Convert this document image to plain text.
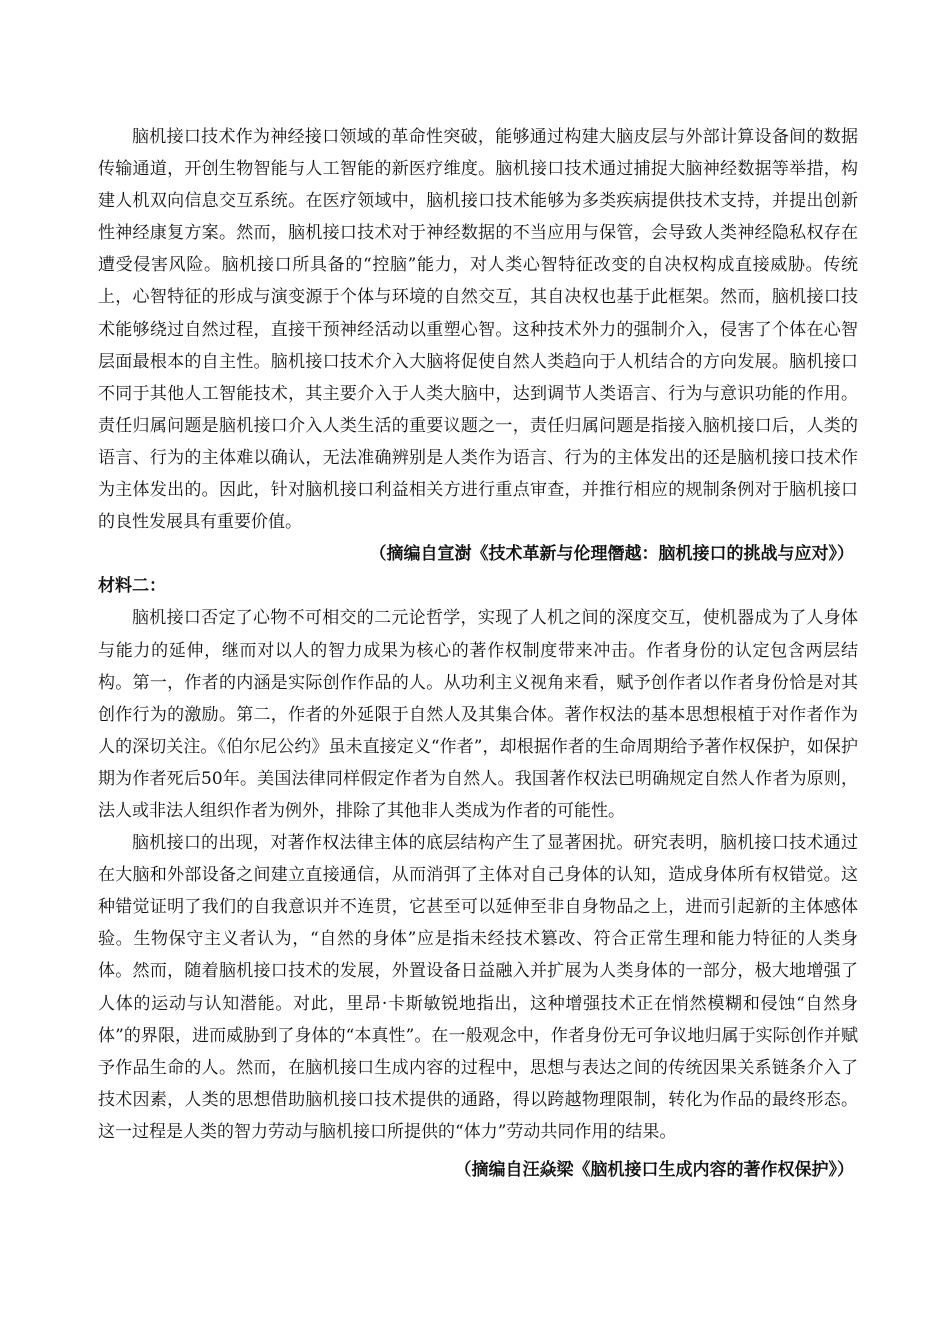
脑机接口技术作为神经接口领域的革命性突破，能够通过构建大脑皮层与外部计算设备间的数据传输通道，开创生物智能与人工智能的新医疗维度。脑机接口技术通过捕捉大脑神经数据等举措，构建人机双向信息交互系统。在医疗领域中，脑机接口技术能够为多类疾病提供技术支持，并提出创新性神经康复方案。然而，脑机接口技术对于神经数据的不当应用与保管，会导致人类神经隐私权存在遭受侵害风险。脑机接口所具备的“控脑”能力，对人类心智特征改变的自决权构成直接威胁。传统上，心智特征的形成与演变源于个体与环境的自然交互，其自决权也基于此框架。然而，脑机接口技术能够绕过自然过程，直接干预神经活动以重塑心智。这种技术外力的强制介入，侵害了个体在心智层面最根本的自主性。脑机接口技术介入大脑将促使自然人类趋向于人机结合的方向发展。脑机接口不同于其他人工智能技术，其主要介入于人类大脑中，达到调节人类语言、行为与意识功能的作用。责任归属问题是脑机接口介入人类生活的重要议题之一，责任归属问题是指接入脑机接口后，人类的语言、行为的主体难以确认，无法准确辨别是人类作为语言、行为的主体发出的还是脑机接口技术作为主体发出的。因此，针对脑机接口利益相关方进行重点审查，并推行相应的规制条例对于脑机接口的良性发展具有重要价值。

（摘编自宣澍《技术革新与伦理僭越：脑机接口的挑战与应对》）

材料二：

脑机接口否定了心物不可相交的二元论哲学，实现了人机之间的深度交互，使机器成为了人身体与能力的延伸，继而对以人的智力成果为核心的著作权制度带来冲击。作者身份的认定包含两层结构。第一，作者的内涵是实际创作作品的人。从功利主义视角来看，赋予创作者以作者身份恰是对其创作行为的激励。第二，作者的外延限于自然人及其集合体。著作权法的基本思想根植于对作者作为人的深切关注。《伯尔尼公约》虽未直接定义“作者”，却根据作者的生命周期给予著作权保护，如保护期为作者死后50年。美国法律同样假定作者为自然人。我国著作权法已明确规定自然人作者为原则，法人或非法人组织作者为例外，排除了其他非人类成为作者的可能性。

脑机接口的出现，对著作权法律主体的底层结构产生了显著困扰。研究表明，脑机接口技术通过在大脑和外部设备之间建立直接通信，从而消弭了主体对自己身体的认知，造成身体所有权错觉。这种错觉证明了我们的自我意识并不连贯，它甚至可以延伸至非自身物品之上，进而引起新的主体感体验。生物保守主义者认为，“自然的身体”应是指未经技术篡改、符合正常生理和能力特征的人类身体。然而，随着脑机接口技术的发展，外置设备日益融入并扩展为人类身体的一部分，极大地增强了人体的运动与认知潜能。对此，里昂·卡斯敏锐地指出，这种增强技术正在悄然模糊和侵蚀“自然身体”的界限，进而威胁到了身体的“本真性”。在一般观念中，作者身份无可争议地归属于实际创作并赋予作品生命的人。然而，在脑机接口生成内容的过程中，思想与表达之间的传统因果关系链条介入了技术因素，人类的思想借助脑机接口技术提供的通路，得以跨越物理限制，转化为作品的最终形态。这一过程是人类的智力劳动与脑机接口所提供的“体力”劳动共同作用的结果。

（摘编自汪焱梁《脑机接口生成内容的著作权保护》）
